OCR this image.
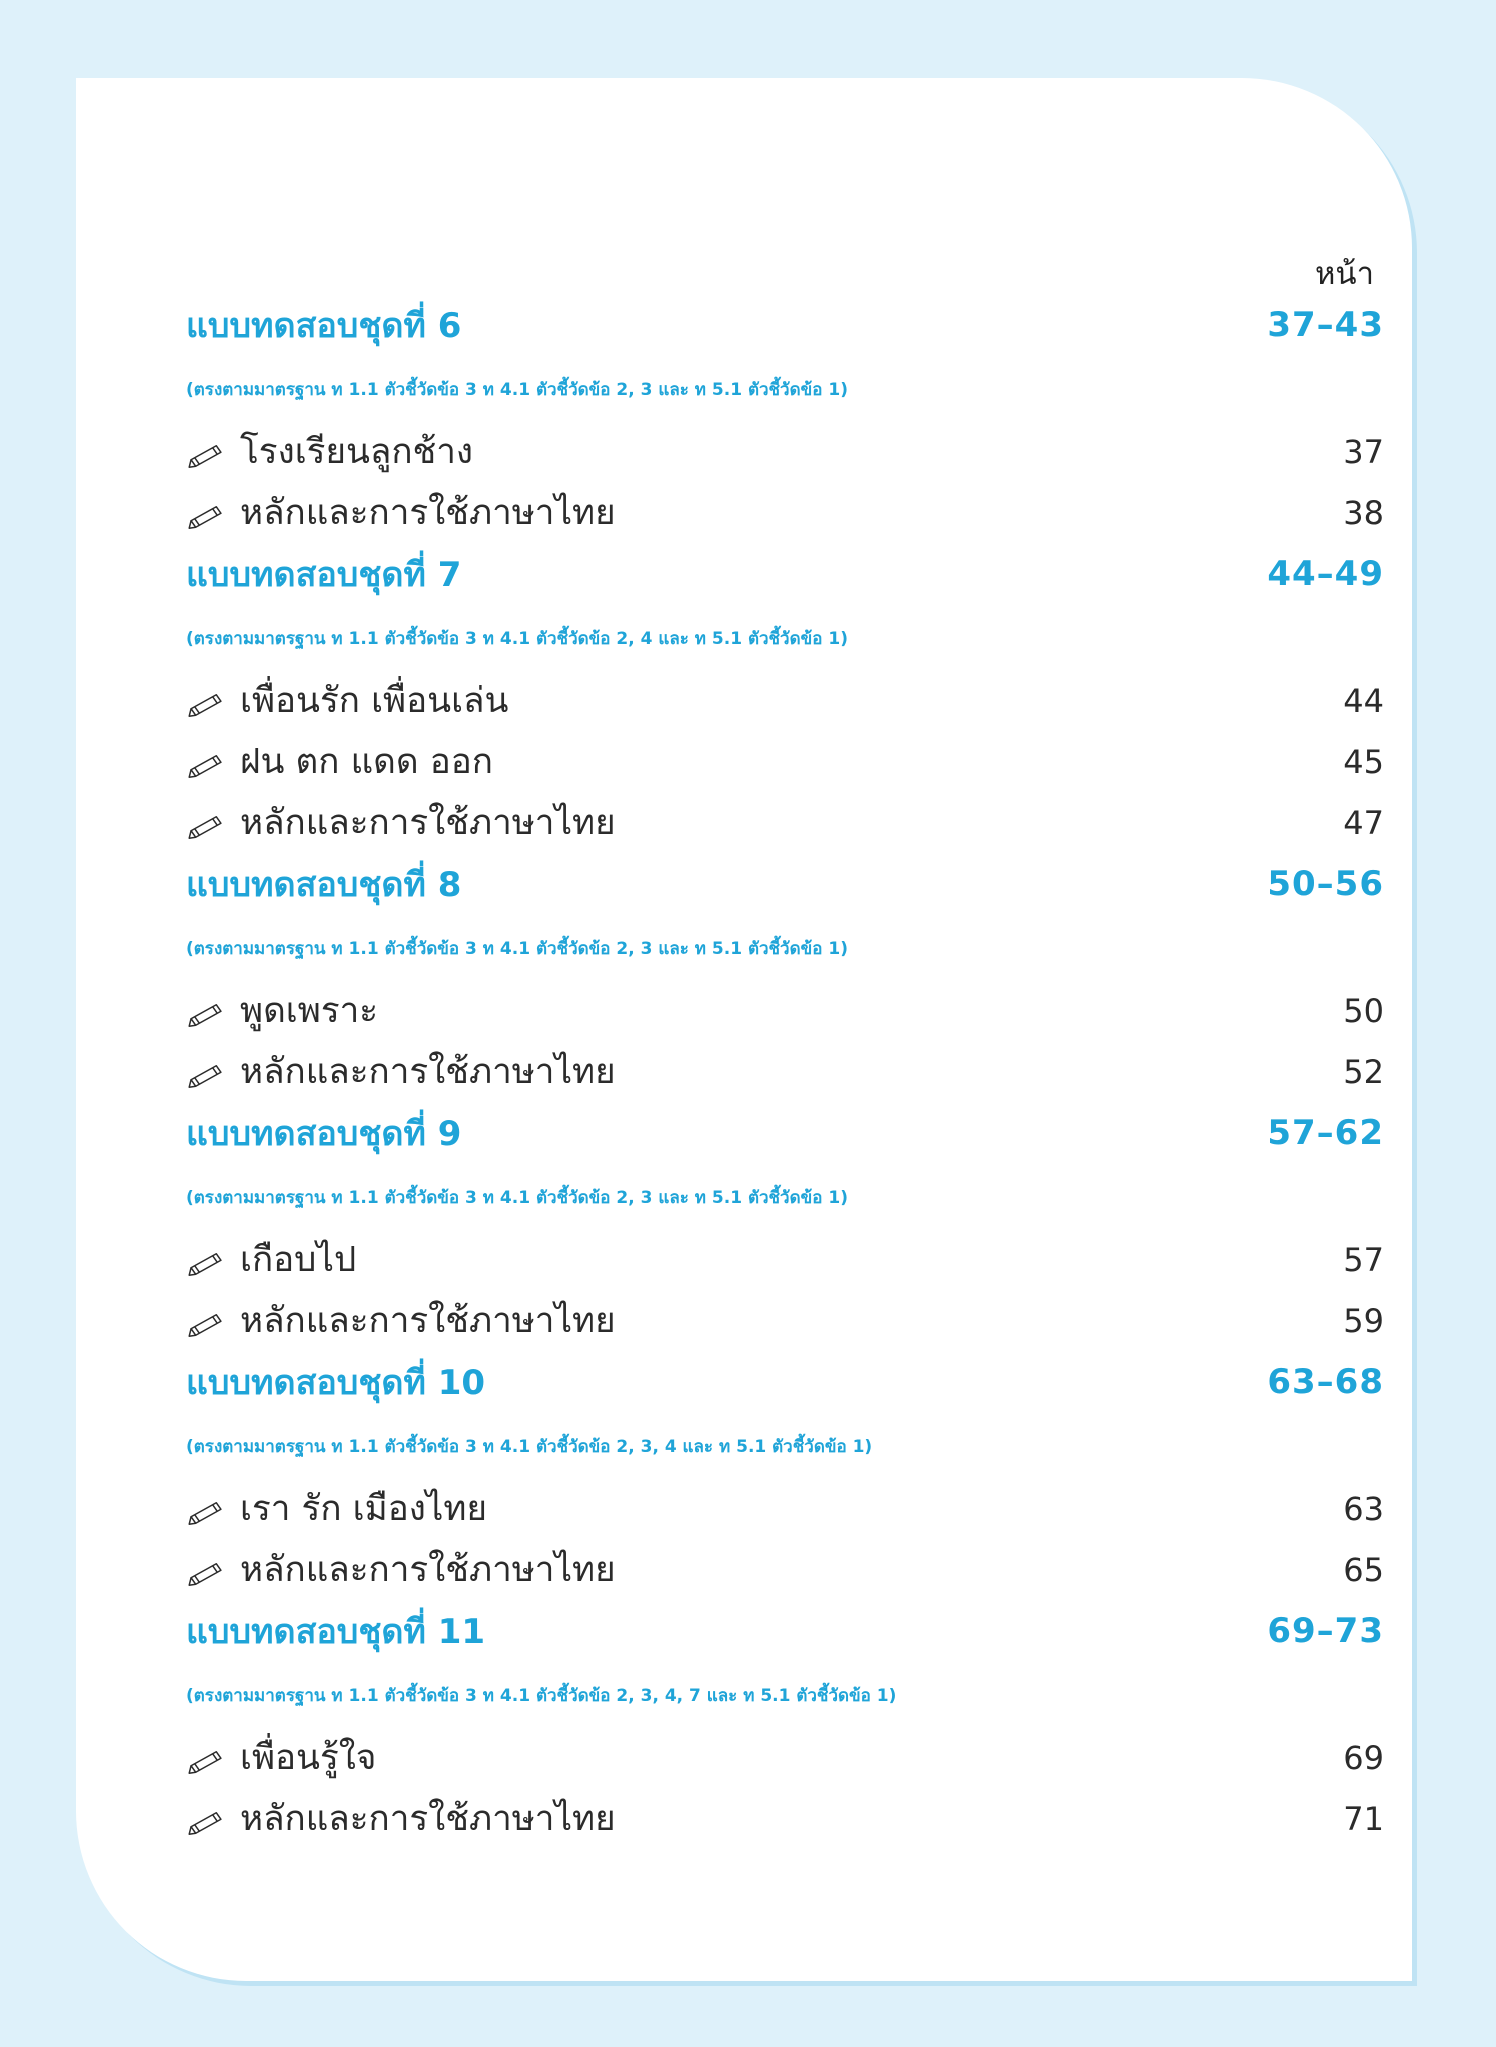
หน้า
แบบทดสอบชุดที่ 6	37–43
(ตรงตามมาตรฐาน ท 1.1 ตัวชี้วัดข้อ 3 ท 4.1 ตัวชี้วัดข้อ 2, 3 และ ท 5.1 ตัวชี้วัดข้อ 1)
โรงเรียนลูกช้าง	37
หลักและการใช้ภาษาไทย	38
แบบทดสอบชุดที่ 7	44–49
(ตรงตามมาตรฐาน ท 1.1 ตัวชี้วัดข้อ 3 ท 4.1 ตัวชี้วัดข้อ 2, 4 และ ท 5.1 ตัวชี้วัดข้อ 1)
เพื่อนรัก เพื่อนเล่น	44
ฝน ตก แดด ออก	45
หลักและการใช้ภาษาไทย	47
แบบทดสอบชุดที่ 8	50–56
(ตรงตามมาตรฐาน ท 1.1 ตัวชี้วัดข้อ 3 ท 4.1 ตัวชี้วัดข้อ 2, 3 และ ท 5.1 ตัวชี้วัดข้อ 1)
พูดเพราะ	50
หลักและการใช้ภาษาไทย	52
แบบทดสอบชุดที่ 9	57–62
(ตรงตามมาตรฐาน ท 1.1 ตัวชี้วัดข้อ 3 ท 4.1 ตัวชี้วัดข้อ 2, 3 และ ท 5.1 ตัวชี้วัดข้อ 1)
เกือบไป	57
หลักและการใช้ภาษาไทย	59
แบบทดสอบชุดที่ 10	63–68
(ตรงตามมาตรฐาน ท 1.1 ตัวชี้วัดข้อ 3 ท 4.1 ตัวชี้วัดข้อ 2, 3, 4 และ ท 5.1 ตัวชี้วัดข้อ 1)
เรา รัก เมืองไทย	63
หลักและการใช้ภาษาไทย	65
แบบทดสอบชุดที่ 11	69–73
(ตรงตามมาตรฐาน ท 1.1 ตัวชี้วัดข้อ 3 ท 4.1 ตัวชี้วัดข้อ 2, 3, 4, 7 และ ท 5.1 ตัวชี้วัดข้อ 1)
เพื่อนรู้ใจ	69
หลักและการใช้ภาษาไทย	71
